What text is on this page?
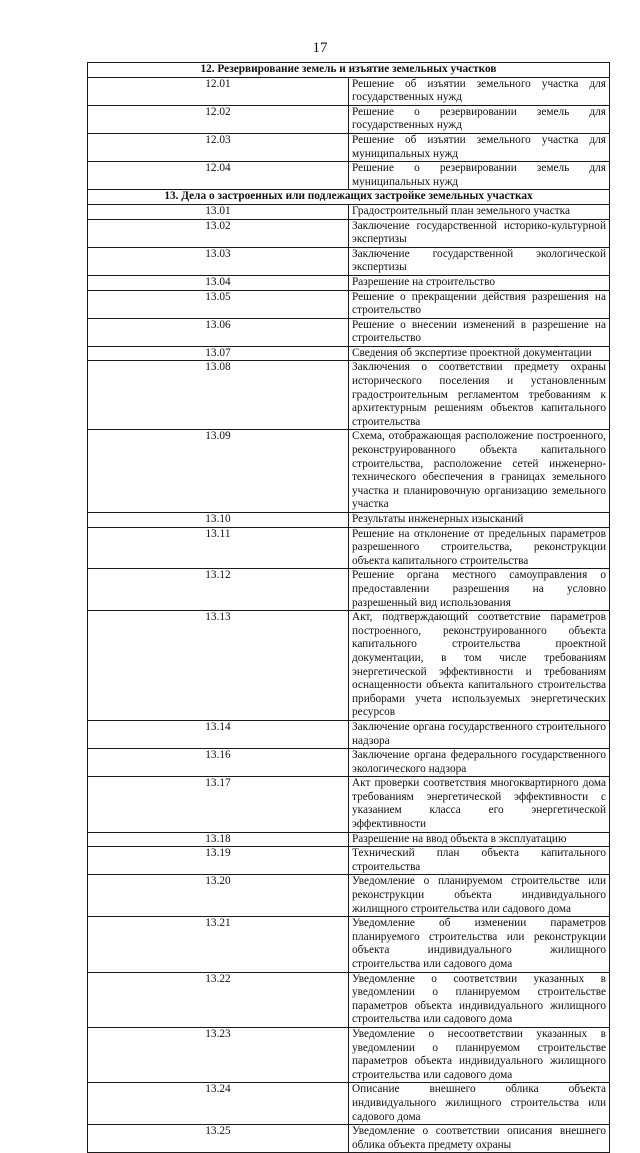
17
12. Резервирование земель и изъятие земельных участков	
12.01	Решение об изъятии земельного участка для государственных нужд
12.02	Решение о резервировании земель для государственных нужд
12.03	Решение об изъятии земельного участка для муниципальных нужд
12.04	Решение о резервировании земель для муниципальных нужд
13. Дела о застроенных или подлежащих застройке земельных участках	
13.01	Градостроительный план земельного участка
13.02	Заключение государственной историко-культурной экспертизы
13.03	Заключение государственной экологической экспертизы
13.04	Разрешение на строительство
13.05	Решение о прекращении действия разрешения на строительство
13.06	Решение о внесении изменений в разрешение на строительство
13.07	Сведения об экспертизе проектной документации
13.08	Заключения о соответствии предмету охраны исторического поселения и установленным градостроительным регламентом требованиям к архитектурным решениям объектов капитального строительства
13.09	Схема, отображающая расположение построенного, реконструированного объекта капитального строительства, расположение сетей инженерно-технического обеспечения в границах земельного участка и планировочную организацию земельного участка
13.10	Результаты инженерных изысканий
13.11	Решение на отклонение от предельных параметров разрешенного строительства, реконструкции объекта капитального строительства
13.12	Решение органа местного самоуправления о предоставлении разрешения на условно разрешенный вид использования
13.13	Акт, подтверждающий соответствие параметров построенного, реконструированного объекта капитального строительства проектной документации, в том числе требованиям энергетической эффективности и требованиям оснащенности объекта капитального строительства приборами учета используемых энергетических ресурсов
13.14	Заключение органа государственного строительного надзора
13.16	Заключение органа федерального государственного экологического надзора
13.17	Акт проверки соответствия многоквартирного дома требованиям энергетической эффективности с указанием класса его энергетической эффективности
13.18	Разрешение на ввод объекта в эксплуатацию
13.19	Технический план объекта капитального строительства
13.20	Уведомление о планируемом строительстве или реконструкции объекта индивидуального жилищного строительства или садового дома
13.21	Уведомление об изменении параметров планируемого строительства или реконструкции объекта индивидуального жилищного строительства или садового дома
13.22	Уведомление о соответствии указанных в уведомлении о планируемом строительстве параметров объекта индивидуального жилищного строительства или садового дома
13.23	Уведомление о несоответствии указанных в уведомлении о планируемом строительстве параметров объекта индивидуального жилищного строительства или садового дома
13.24	Описание внешнего облика объекта индивидуального жилищного строительства или садового дома
13.25	Уведомление о соответствии описания внешнего облика объекта предмету охраны
